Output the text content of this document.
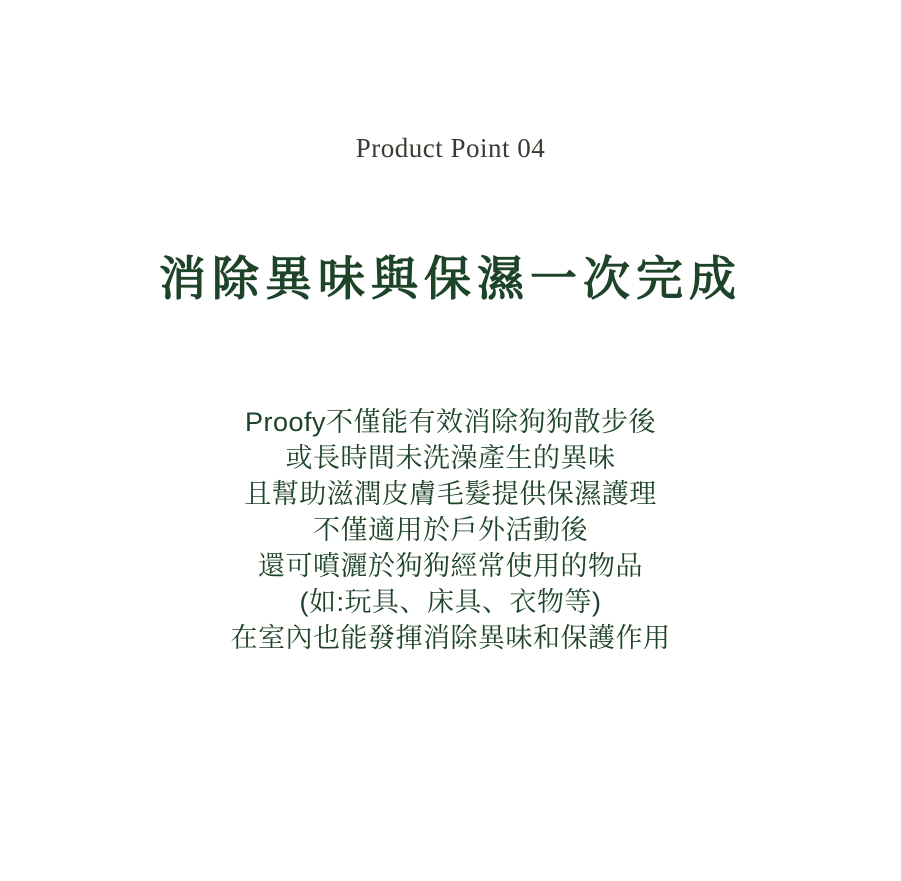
Product Point 04
消除異味與保濕一次完成
Proofy不僅能有效消除狗狗散步後
或長時間未洗澡產生的異味
且幫助滋潤皮膚毛髮提供保濕護理
不僅適用於戶外活動後
還可噴灑於狗狗經常使用的物品
(如:玩具、床具、衣物等)
在室內也能發揮消除異味和保護作用
